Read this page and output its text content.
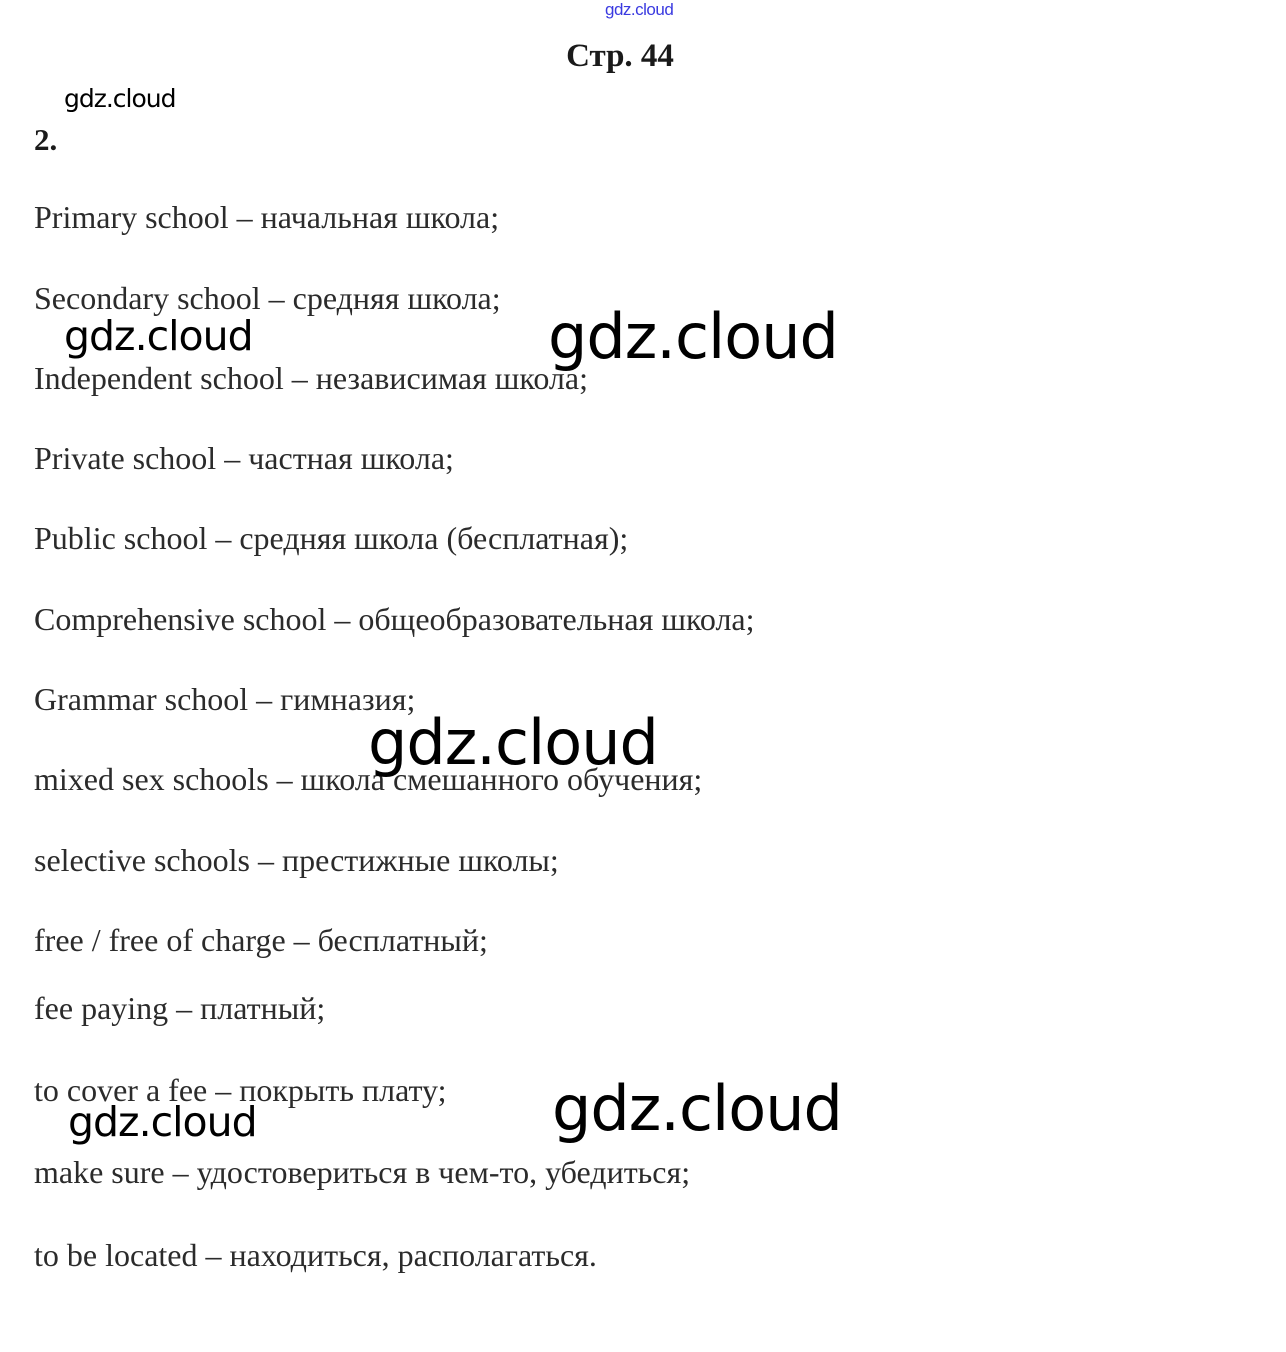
gdz.cloud
Стр. 44
2.
Primary school – начальная школа;
Secondary school – средняя школа;
Independent school – независимая школа;
Private school – частная школа;
Public school – средняя школа (бесплатная);
Comprehensive school – общеобразовательная школа;
Grammar school – гимназия;
mixed sex schools – школа смешанного обучения;
selective schools – престижные школы;
free / free of charge – бесплатный;
fee paying – платный;
to cover a fee – покрыть плату;
make sure – удостовериться в чем-то, убедиться;
to be located – находиться, располагаться.
gdz.cloud
gdz.cloud	gdz.cloud
gdz.cloud
gdz.cloud	gdz.cloud
